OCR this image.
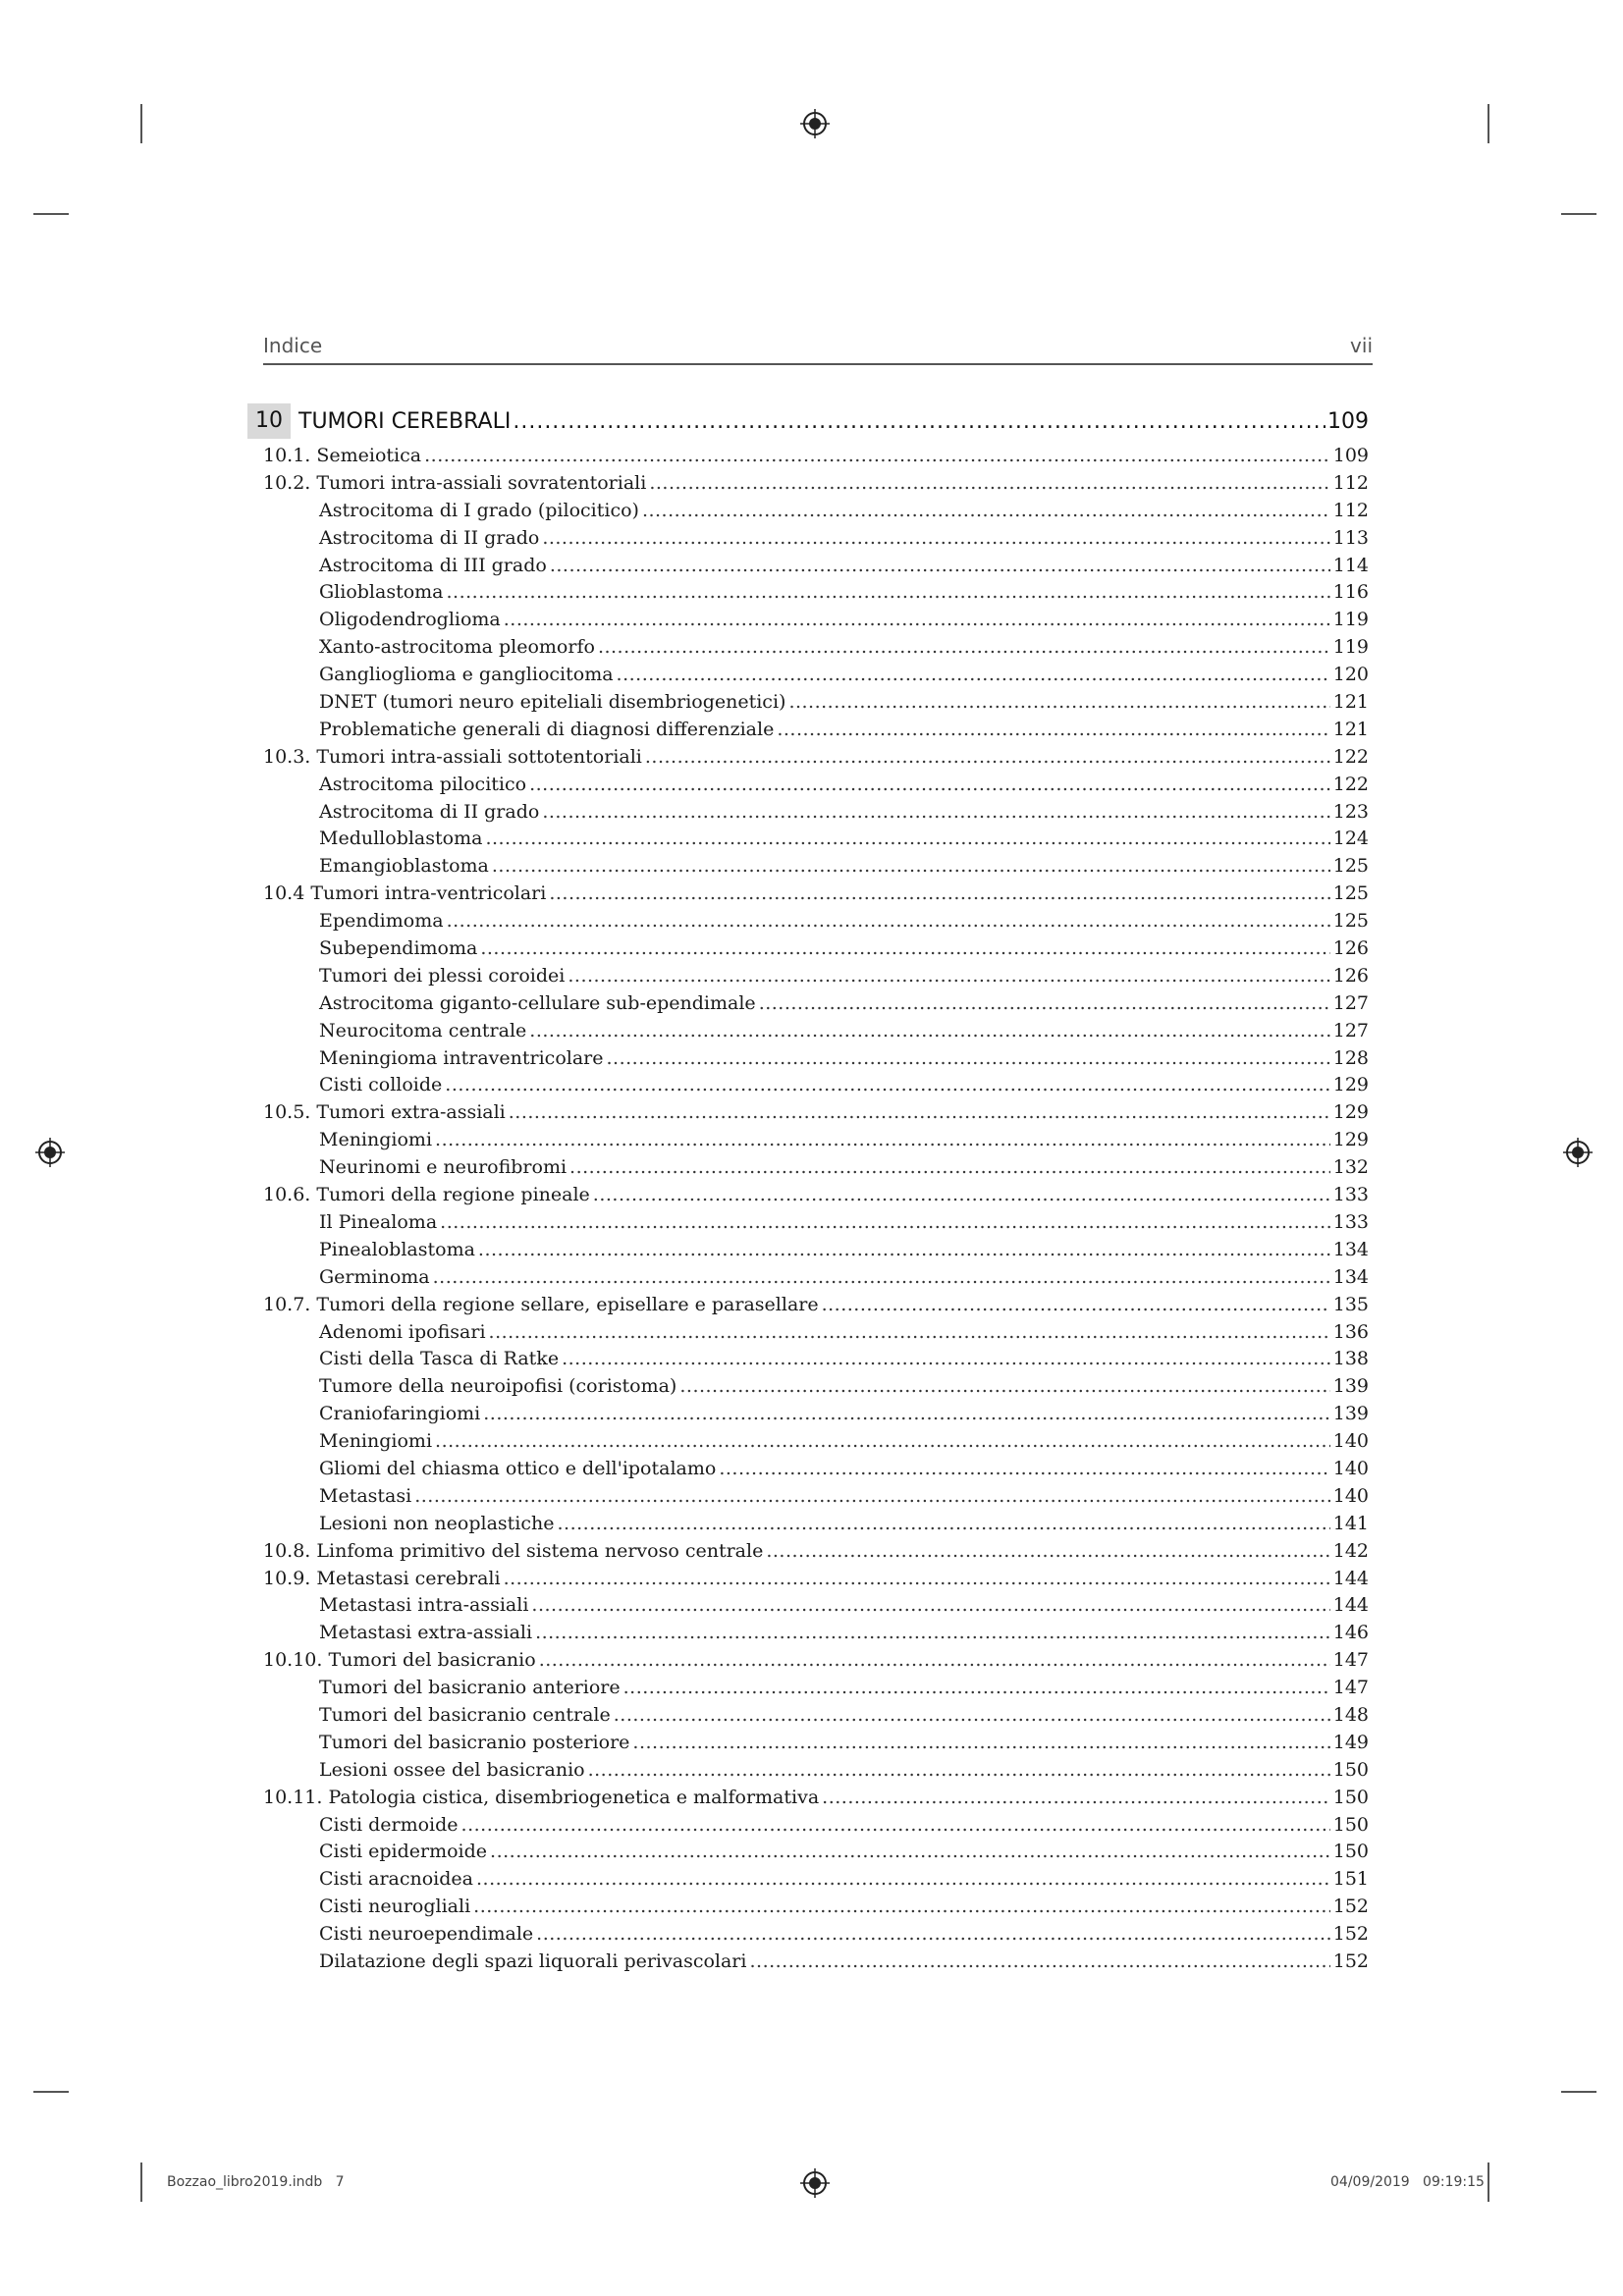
Indice	vii
10 TUMORI CEREBRALI .....	109
10.1. Semeiotica .....	109
10.2. Tumori intra-assiali sovratentoriali .....	112
Astrocitoma di I grado (pilocitico) .....	112
Astrocitoma di II grado .....	113
Astrocitoma di III grado .....	114
Glioblastoma .....	116
Oligodendroglioma .....	119
Xanto-astrocitoma pleomorfo .....	119
Ganglioglioma e gangliocitoma .....	120
DNET (tumori neuro epiteliali disembriogenetici) .....	121
Problematiche generali di diagnosi differenziale .....	121
10.3. Tumori intra-assiali sottotentoriali .....	122
Astrocitoma pilocitico .....	122
Astrocitoma di II grado .....	123
Medulloblastoma .....	124
Emangioblastoma .....	125
10.4 Tumori intra-ventricolari .....	125
Ependimoma .....	125
Subependimoma .....	126
Tumori dei plessi coroidei .....	126
Astrocitoma giganto-cellulare sub-ependimale .....	127
Neurocitoma centrale .....	127
Meningioma intraventricolare .....	128
Cisti colloide .....	129
10.5. Tumori extra-assiali .....	129
Meningiomi .....	129
Neurinomi e neurofibromi .....	132
10.6. Tumori della regione pineale .....	133
Il Pinealoma .....	133
Pinealoblastoma .....	134
Germinoma .....	134
10.7. Tumori della regione sellare, episellare e parasellare .....	135
Adenomi ipofisari .....	136
Cisti della Tasca di Ratke .....	138
Tumore della neuroipofisi (coristoma) .....	139
Craniofaringiomi .....	139
Meningiomi .....	140
Gliomi del chiasma ottico e dell'ipotalamo .....	140
Metastasi .....	140
Lesioni non neoplastiche .....	141
10.8. Linfoma primitivo del sistema nervoso centrale .....	142
10.9. Metastasi cerebrali .....	144
Metastasi intra-assiali .....	144
Metastasi extra-assiali .....	146
10.10. Tumori del basicranio .....	147
Tumori del basicranio anteriore .....	147
Tumori del basicranio centrale .....	148
Tumori del basicranio posteriore .....	149
Lesioni ossee del basicranio .....	150
10.11. Patologia cistica, disembriogenetica e malformativa .....	150
Cisti dermoide .....	150
Cisti epidermoide .....	150
Cisti aracnoidea .....	151
Cisti neurogliali .....	152
Cisti neuroependimale .....	152
Dilatazione degli spazi liquorali perivascolari .....	152
Bozzao_libro2019.indb   7	04/09/2019   09:19:15
